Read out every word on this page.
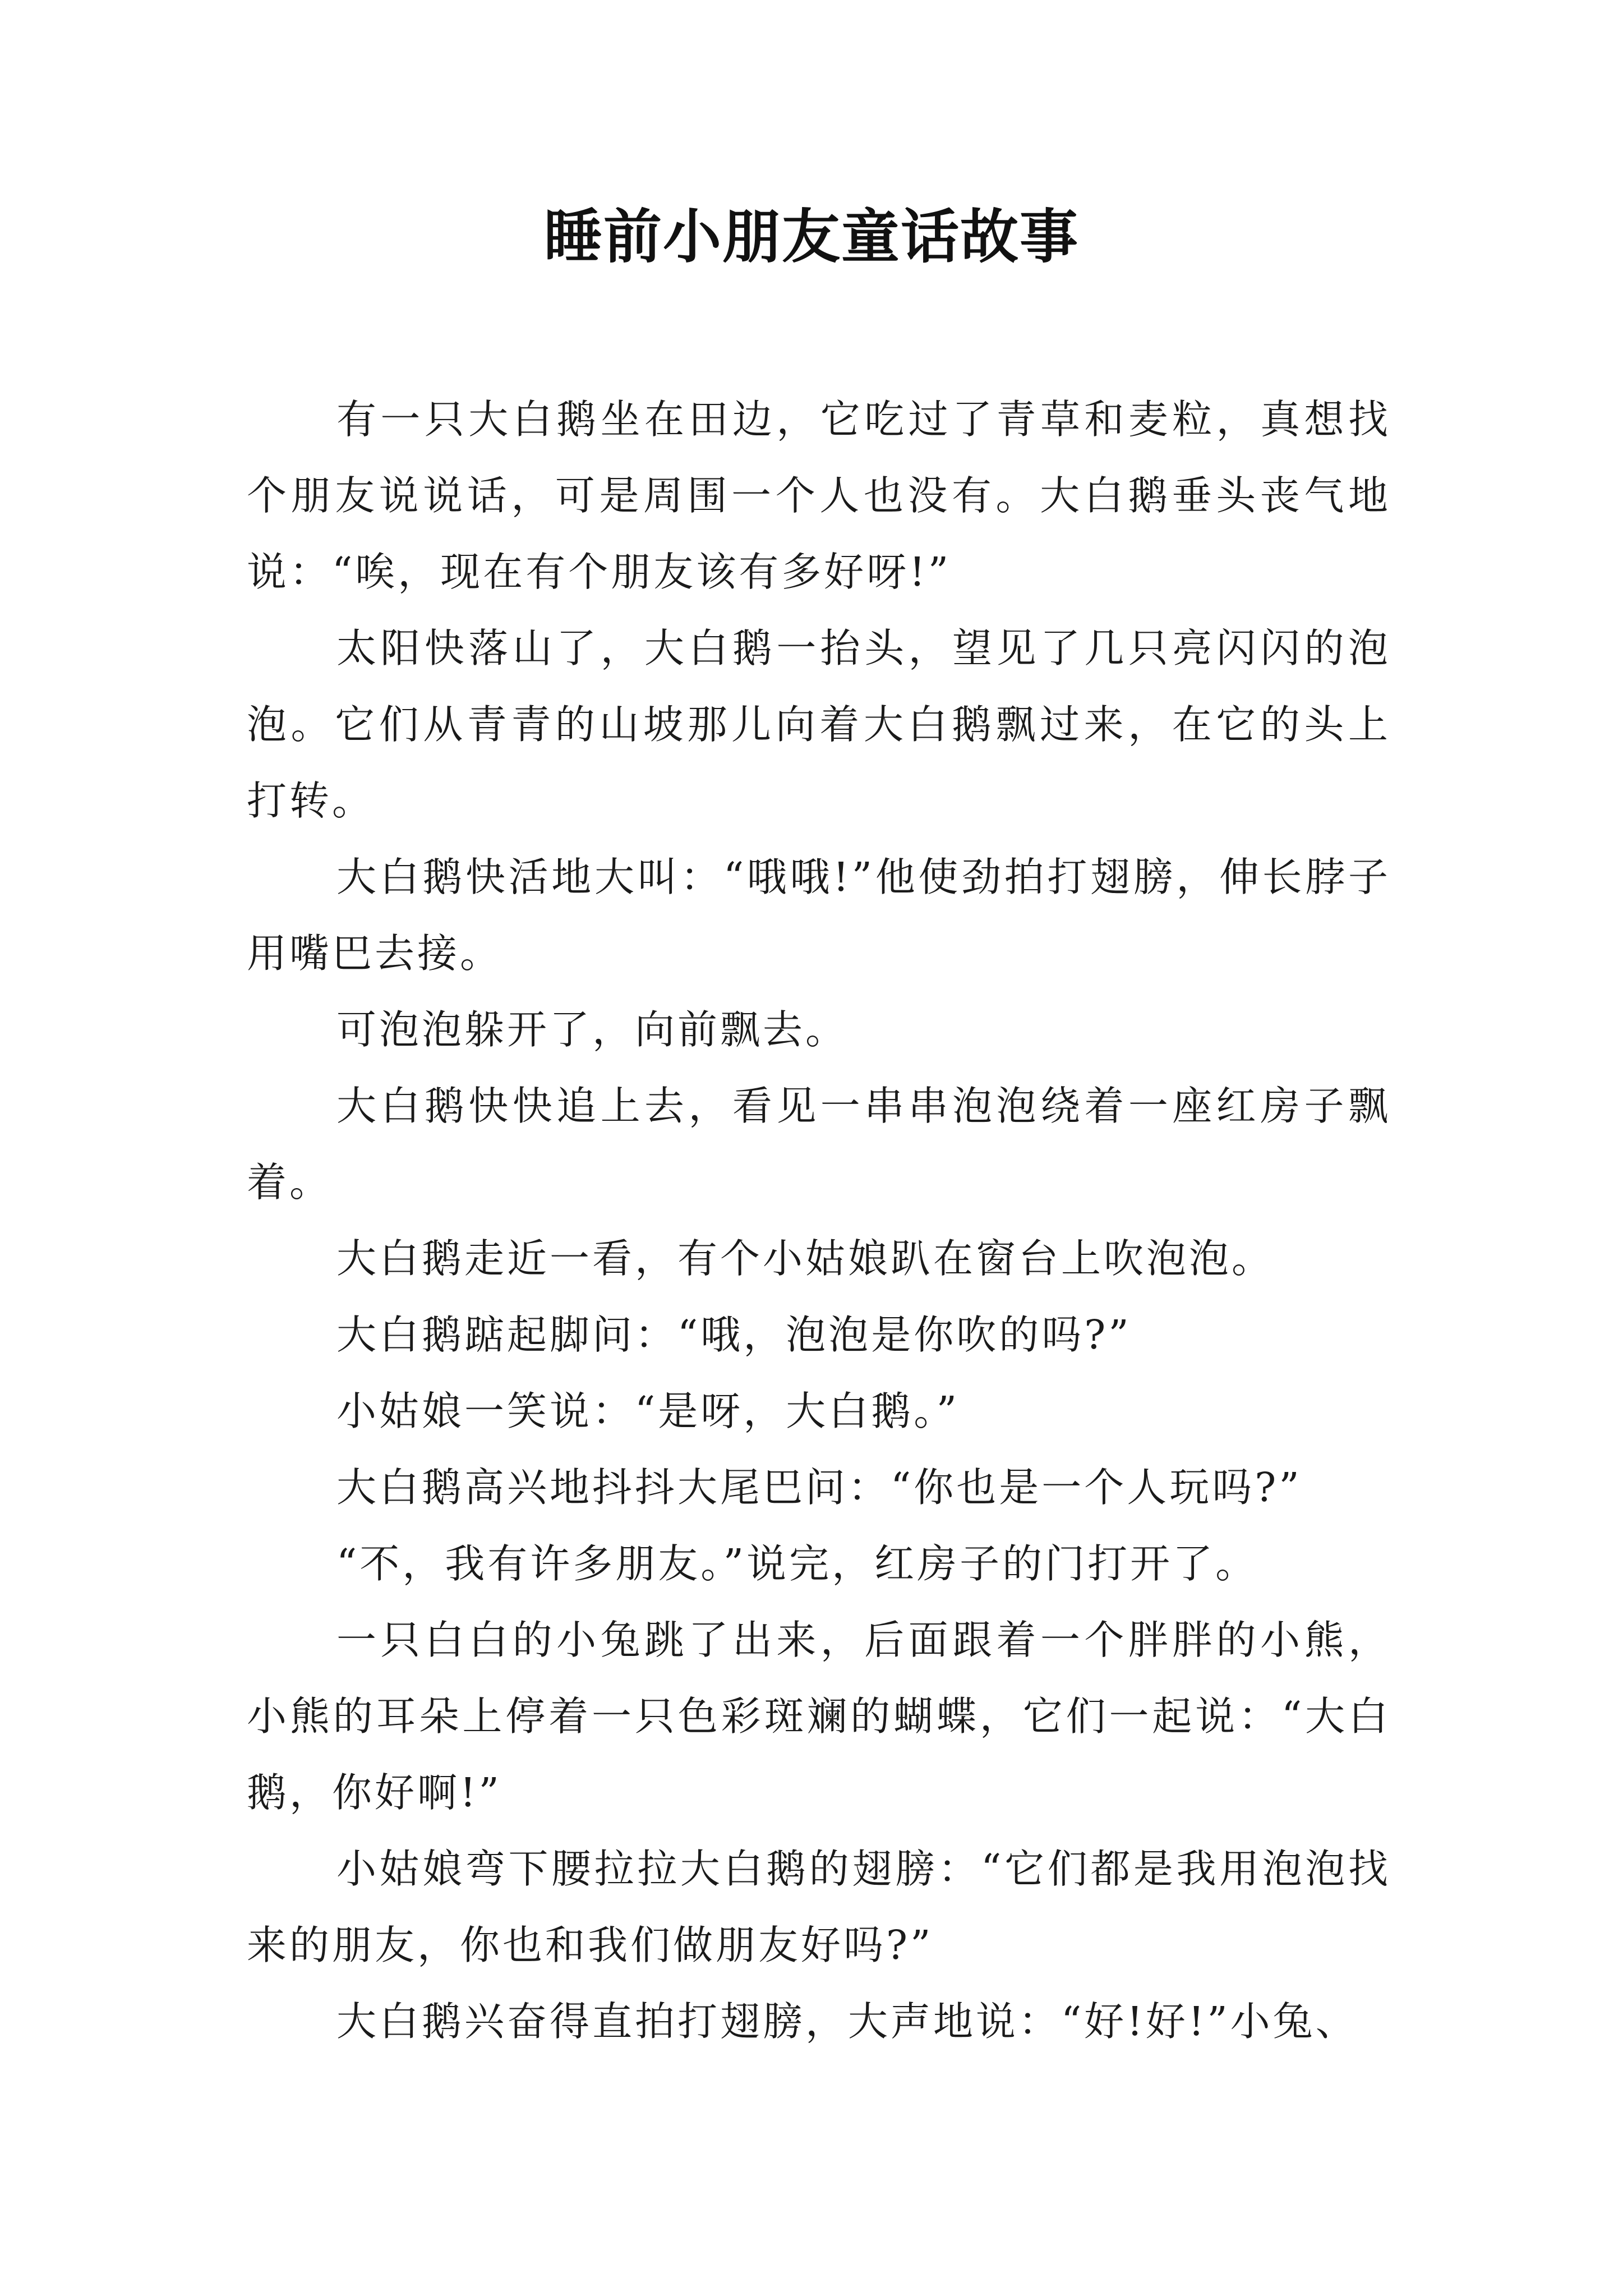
睡前小朋友童话故事

有一只大白鹅坐在田边，它吃过了青草和麦粒，真想找个朋友说说话，可是周围一个人也没有。大白鹅垂头丧气地说：“唉，现在有个朋友该有多好呀!”

太阳快落山了，大白鹅一抬头，望见了几只亮闪闪的泡泡。它们从青青的山坡那儿向着大白鹅飘过来，在它的头上打转。

大白鹅快活地大叫：“哦哦!”他使劲拍打翅膀，伸长脖子用嘴巴去接。

可泡泡躲开了，向前飘去。

大白鹅快快追上去，看见一串串泡泡绕着一座红房子飘着。

大白鹅走近一看，有个小姑娘趴在窗台上吹泡泡。

大白鹅踮起脚问：“哦，泡泡是你吹的吗?”

小姑娘一笑说：“是呀，大白鹅。”

大白鹅高兴地抖抖大尾巴问：“你也是一个人玩吗?”

“不，我有许多朋友。”说完，红房子的门打开了。

一只白白的小兔跳了出来，后面跟着一个胖胖的小熊，小熊的耳朵上停着一只色彩斑斓的蝴蝶，它们一起说：“大白鹅，你好啊!”

小姑娘弯下腰拉拉大白鹅的翅膀：“它们都是我用泡泡找来的朋友，你也和我们做朋友好吗?”

大白鹅兴奋得直拍打翅膀，大声地说：“好!好!”小兔、
